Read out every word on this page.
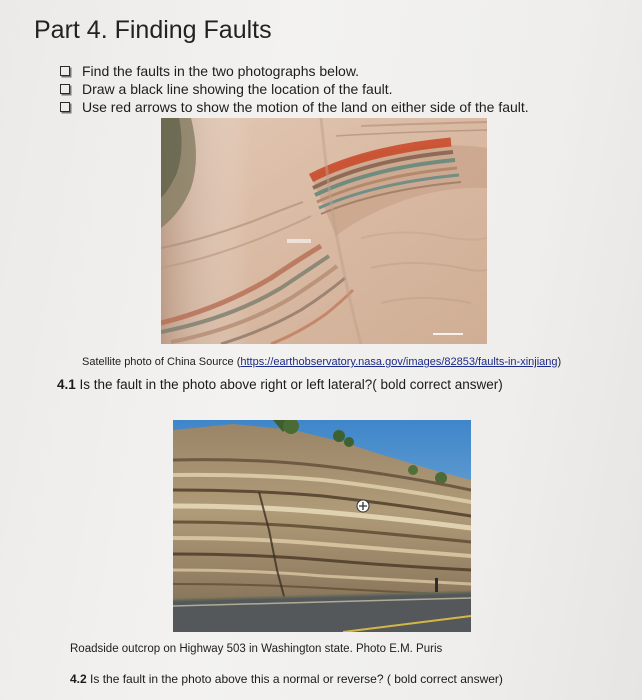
Part 4. Finding Faults
Find the faults in the two photographs below.
Draw a black line showing the location of the fault.
Use red arrows to show the motion of the land on either side of the fault.
Satellite photo of China Source (https://earthobservatory.nasa.gov/images/82853/faults-in-xinjiang)
4.1 Is the fault in the photo above right or left lateral?( bold correct answer)
Roadside outcrop on Highway 503 in Washington state. Photo E.M. Puris
4.2 Is the fault in the photo above this a normal or reverse? ( bold correct answer)
